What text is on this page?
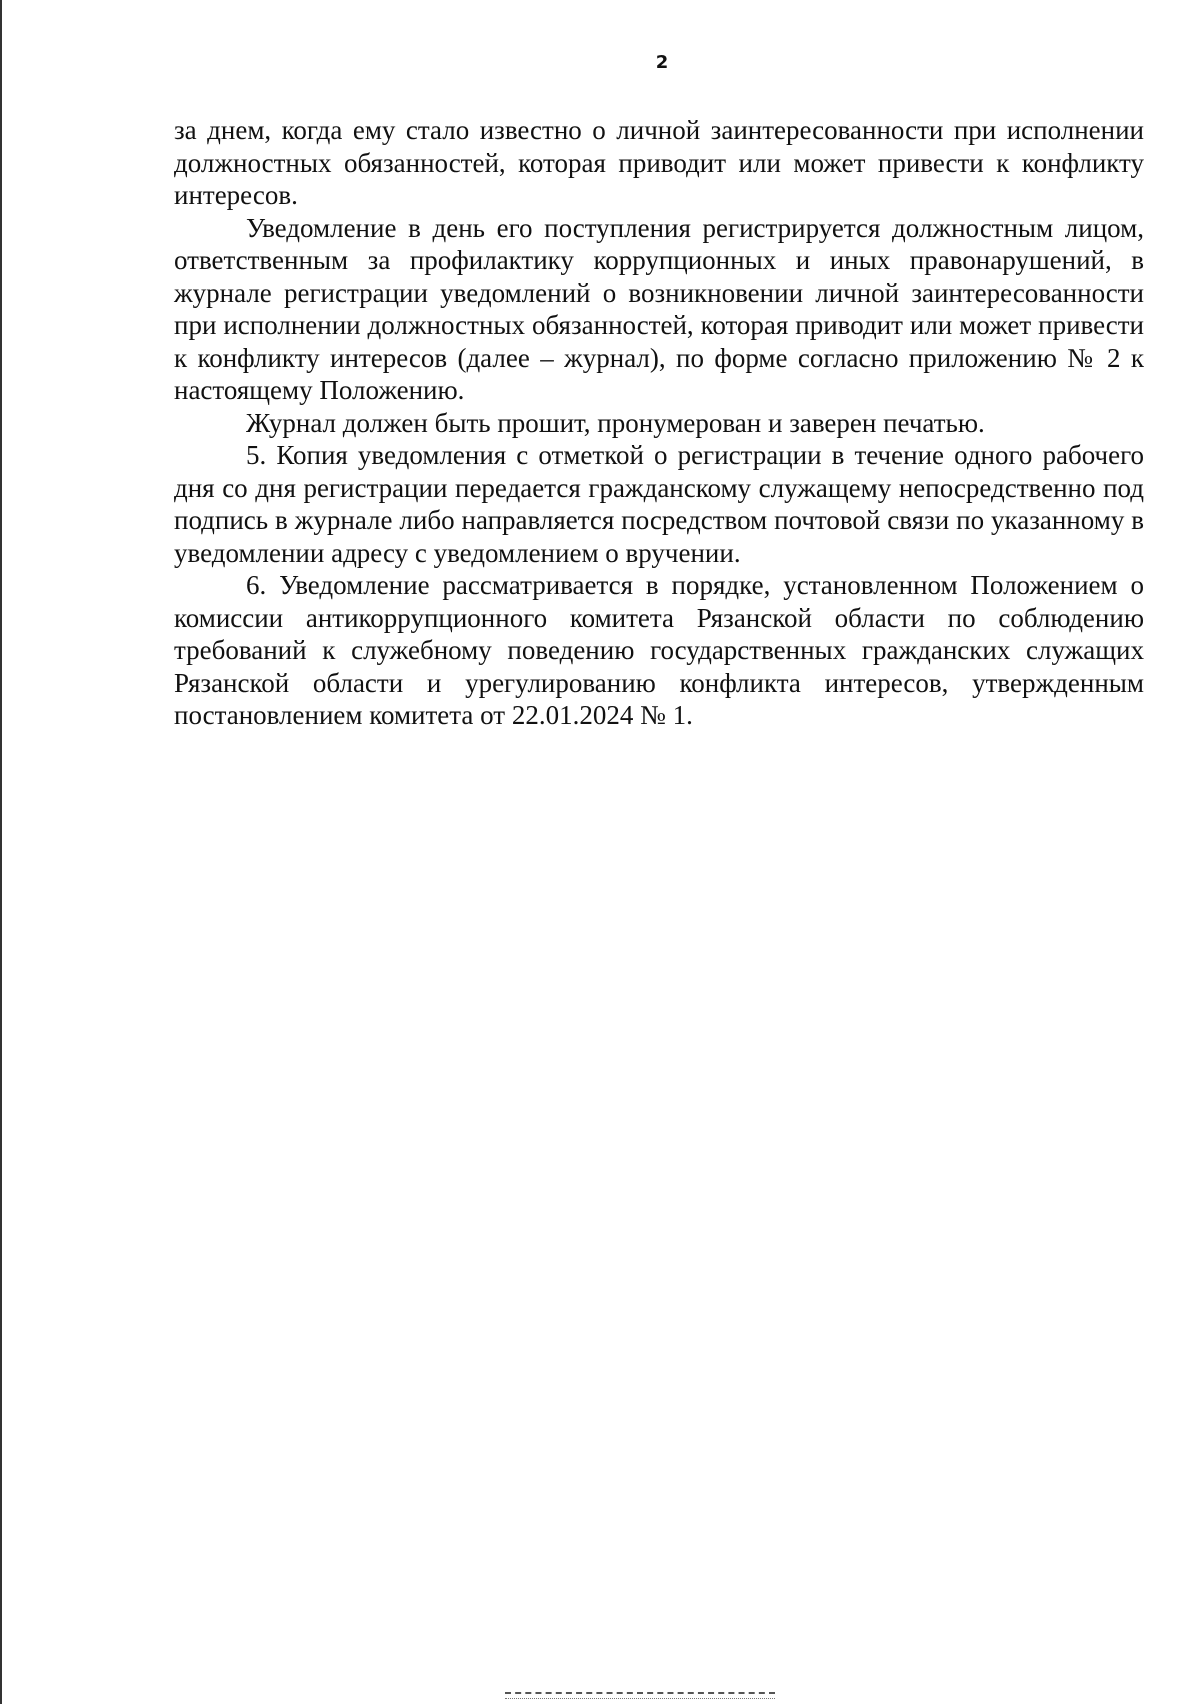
2

за днем, когда ему стало известно о личной заинтересованности при исполнении должностных обязанностей, которая приводит или может привести к конфликту интересов.

Уведомление в день его поступления регистрируется должностным лицом, ответственным за профилактику коррупционных и иных правонарушений, в журнале регистрации уведомлений о возникновении личной заинтересованности при исполнении должностных обязанностей, которая приводит или может привести к конфликту интересов (далее – журнал), по форме согласно приложению № 2 к настоящему Положению.

Журнал должен быть прошит, пронумерован и заверен печатью.

5. Копия уведомления с отметкой о регистрации в течение одного рабочего дня со дня регистрации передается гражданскому служащему непосредственно под подпись в журнале либо направляется посредством почтовой связи по указанному в уведомлении адресу с уведомлением о вручении.

6. Уведомление рассматривается в порядке, установленном Положением о комиссии антикоррупционного комитета Рязанской области по соблюдению требований к служебному поведению государственных гражданских служащих Рязанской области и урегулированию конфликта интересов, утвержденным постановлением комитета от 22.01.2024 № 1.
